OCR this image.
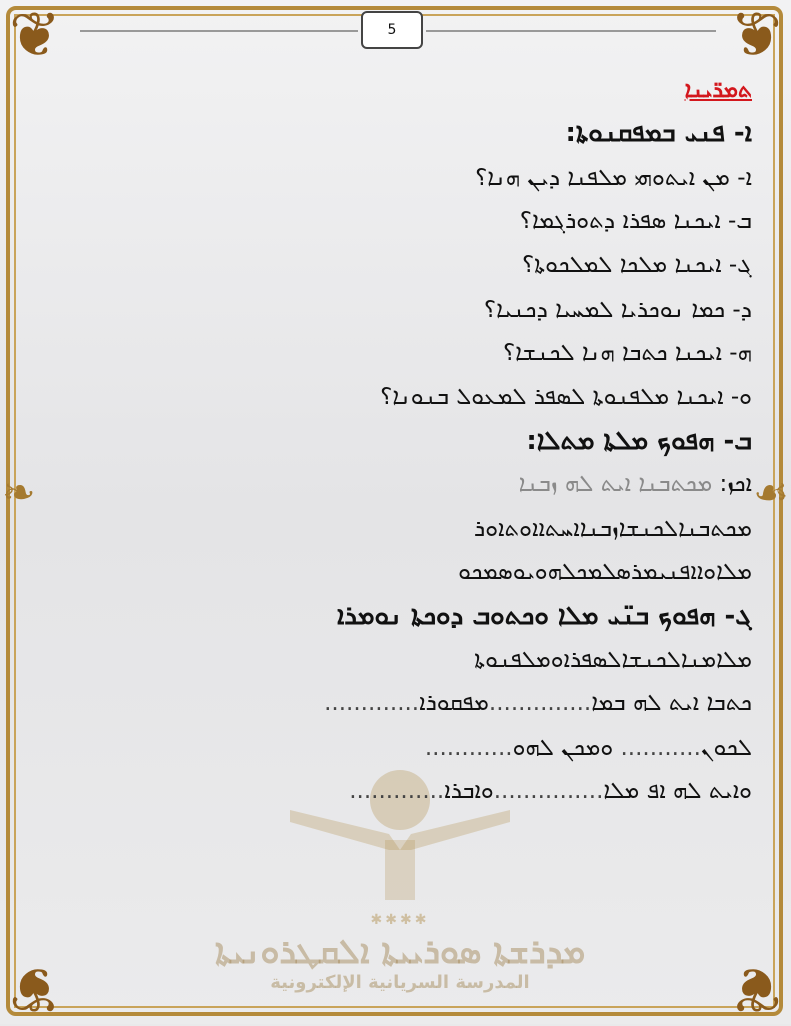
❦	❦
❦	❦
❧	☙
5
✱✱✱✱
ܡܕܪܫܬܐ ܣܘܪܝܝܬܐ ܐܠܩܛܪܘܢܝܬܐ
المدرسة السريانية الإلكترونية
ܬܡܪ̈ܝܢܐ
ܐ- ܦܢܝ ܒܡܦܩܢܘܬܐ:
ܐ- ܡܢ ܐܝܬܘܗܝ ܡܠܦܢܐ ܕܝܢ ܗܢܐ؟
ܒ- ܐܝܟܢܐ ܣܦܪܐ ܕܬܘܪܓܡܐ؟
ܓ- ܐܝܟܢܐ ܡܠܟܐ ܠܡܠܟܘܬܐ؟
ܕ- ܟܡܐ ܢܘܟܪܝܐ ܠܡܚܝܐ ܕܟܢܝܐ؟
ܗ- ܐܝܟܢܐ ܟܬܒܐ ܗܢܐ ܠܟܢܫܐ؟
ܘ- ܐܝܟܢܐ ܡܠܦܢܘܬܐ ܠܣܦܪ ܠܡܥܘܠ ܒܢܘܢܐ؟
ܒ- ܗܦܘܟ ܡܠܬܐ ܡܬܠܐ:
ܐܟܙ: ܡܟܬܒܢܐ ܐܝܬ ܠܗ ܙܒܢܐ
ܡܟܬܒܢܐܠܟܢܫܐܙܒܢܐܐܚܬܐܐܘܬܐܘܪ
ܡܠܐܘܐܐܦܢܝܡܪܣܠܡܟܠܗܘܝܘܣܡܟܘ
ܓ- ܗܦܘܟ ܒܢ̈ܝ ܡܠܐ ܘܟܬܘܒ ܕܘܟܬܐ ܢܘܡܪܐ
ܡܠܐܡܢܐܠܟܢܫܐܠܣܦܪܐܘܡܠܦܢܘܬܐ
ܟܬܒܐ ܐܝܬ ܠܗ ܒܡܐ..............ܡܦܩܘܪܐ.............
ܠܟܘܢ........... ܘܡܟܢ ܠܗܘ............
ܘܐܝܬ ܠܗ ܐܦ ܡܠܐ...............ܘܐܒܪܐ.............
